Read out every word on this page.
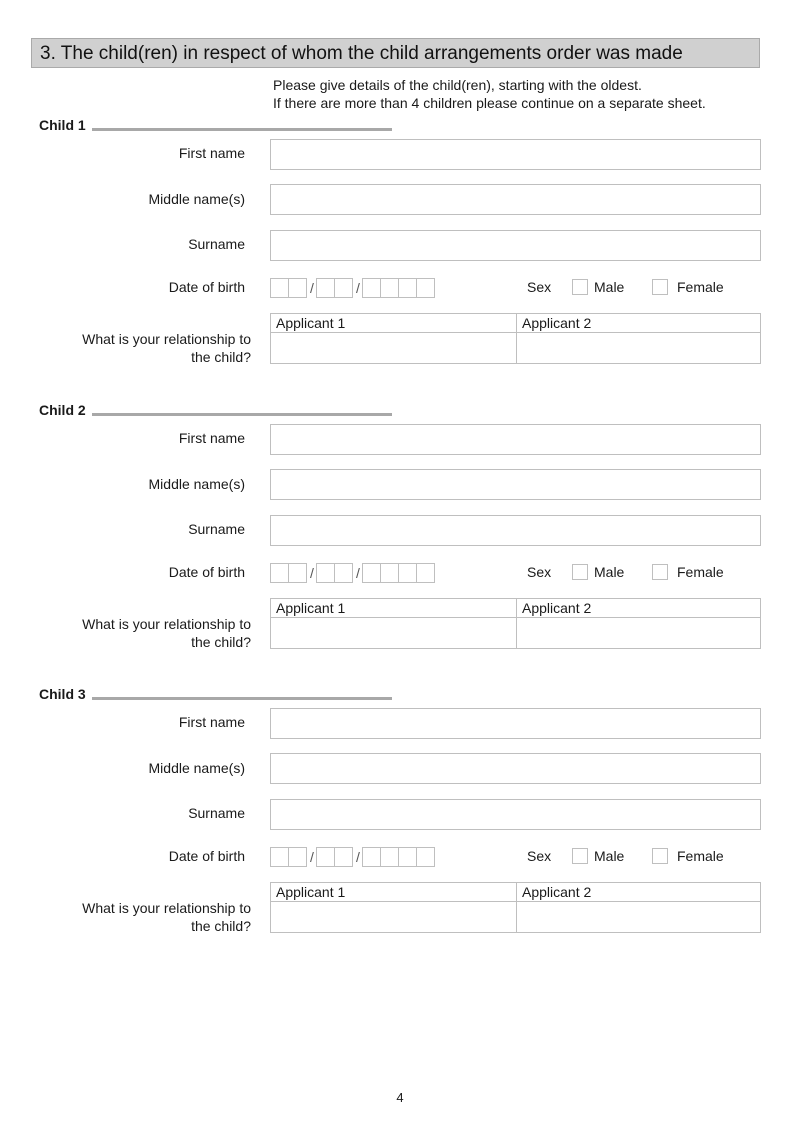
3. The child(ren) in respect of whom the child arrangements order was made
Please give details of the child(ren), starting with the oldest.
If there are more than 4 children please continue on a separate sheet.
Child 1
First name
Middle name(s)
Surname
Date of birth	/	/	Sex	Male	Female
What is your relationship to
the child?
Applicant 1	Applicant 2
Child 2
First name
Middle name(s)
Surname
Date of birth	/	/	Sex	Male	Female
What is your relationship to
the child?
Applicant 1	Applicant 2
Child 3
First name
Middle name(s)
Surname
Date of birth	/	/	Sex	Male	Female
What is your relationship to
the child?
Applicant 1	Applicant 2
4
